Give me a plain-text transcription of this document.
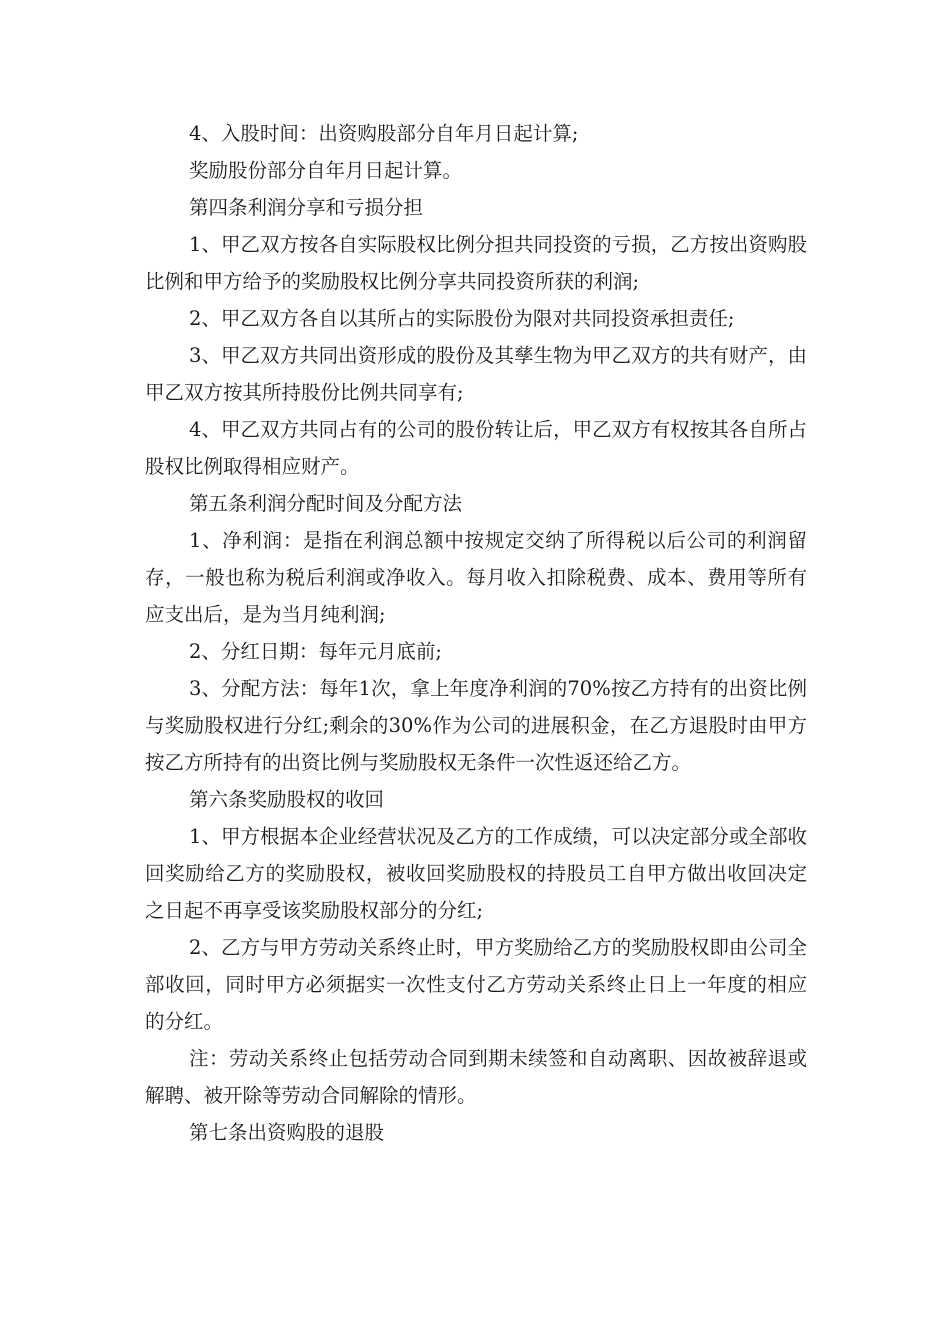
4、入股时间：出资购股部分自年月日起计算;

奖励股份部分自年月日起计算。

第四条利润分享和亏损分担

1、甲乙双方按各自实际股权比例分担共同投资的亏损，乙方按出资购股比例和甲方给予的奖励股权比例分享共同投资所获的利润;

2、甲乙双方各自以其所占的实际股份为限对共同投资承担责任;

3、甲乙双方共同出资形成的股份及其孳生物为甲乙双方的共有财产，由甲乙双方按其所持股份比例共同享有;

4、甲乙双方共同占有的公司的股份转让后，甲乙双方有权按其各自所占股权比例取得相应财产。

第五条利润分配时间及分配方法

1、净利润：是指在利润总额中按规定交纳了所得税以后公司的利润留存，一般也称为税后利润或净收入。每月收入扣除税费、成本、费用等所有应支出后，是为当月纯利润;

2、分红日期：每年元月底前;

3、分配方法：每年1次，拿上年度净利润的70%按乙方持有的出资比例与奖励股权进行分红;剩余的30%作为公司的进展积金，在乙方退股时由甲方按乙方所持有的出资比例与奖励股权无条件一次性返还给乙方。

第六条奖励股权的收回

1、甲方根据本企业经营状况及乙方的工作成绩，可以决定部分或全部收回奖励给乙方的奖励股权，被收回奖励股权的持股员工自甲方做出收回决定之日起不再享受该奖励股权部分的分红;

2、乙方与甲方劳动关系终止时，甲方奖励给乙方的奖励股权即由公司全部收回，同时甲方必须据实一次性支付乙方劳动关系终止日上一年度的相应的分红。

注：劳动关系终止包括劳动合同到期未续签和自动离职、因故被辞退或解聘、被开除等劳动合同解除的情形。

第七条出资购股的退股
